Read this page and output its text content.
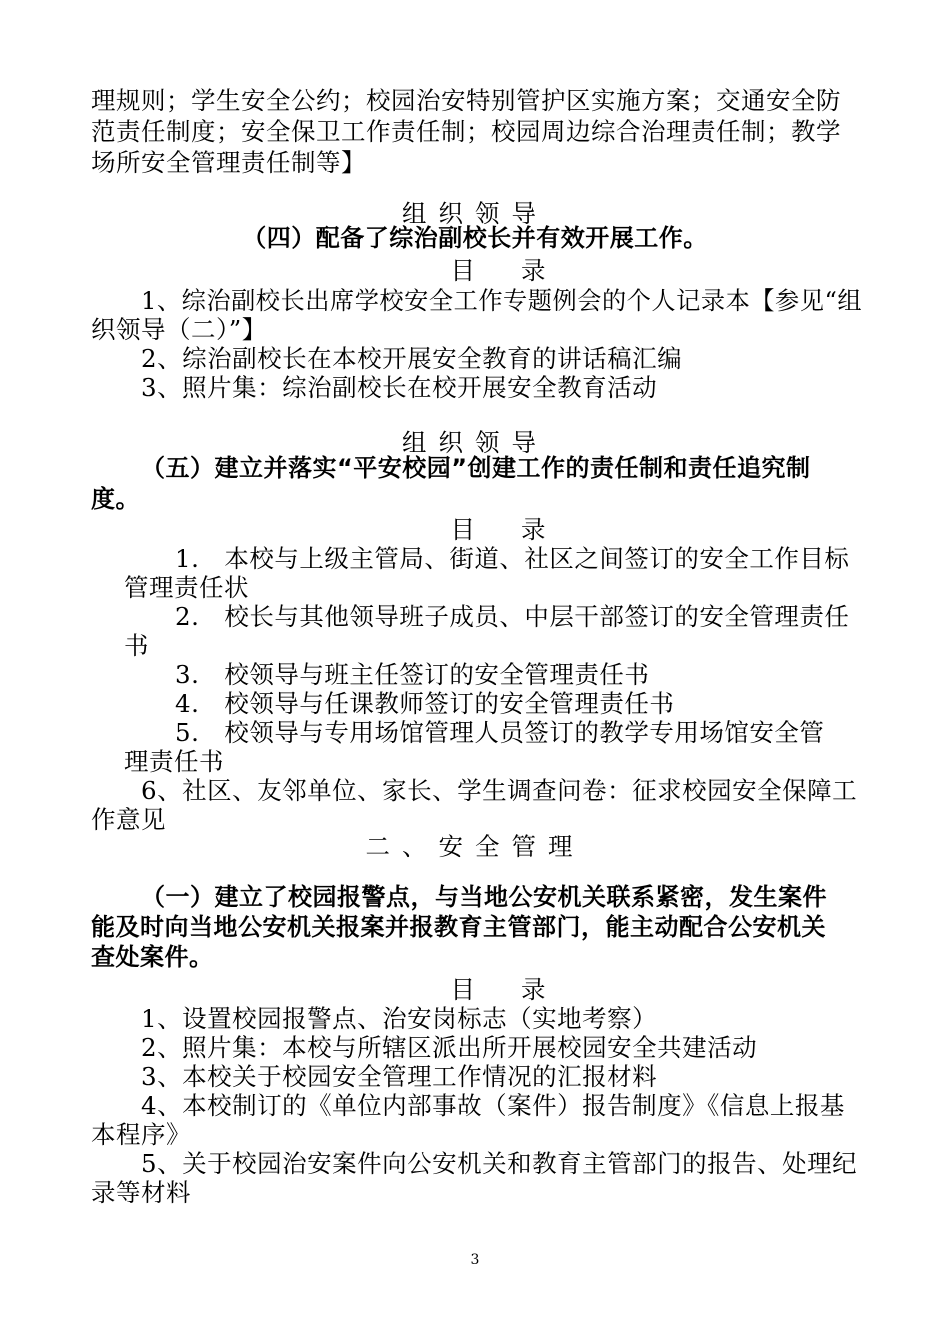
理规则；学生安全公约；校园治安特别管护区实施方案；交通安全防
范责任制度；安全保卫工作责任制；校园周边综合治理责任制；教学
场所安全管理责任制等】
组织领导
（四）配备了综治副校长并有效开展工作。
目录
1、综治副校长出席学校安全工作专题例会的个人记录本【参见“组
织领导（二）”】
2、综治副校长在本校开展安全教育的讲话稿汇编
3、照片集：综治副校长在校开展安全教育活动
组织领导
（五）建立并落实“平安校园”创建工作的责任制和责任追究制
度。
目录
1.　本校与上级主管局、街道、社区之间签订的安全工作目标
管理责任状
2.　校长与其他领导班子成员、中层干部签订的安全管理责任
书
3.　校领导与班主任签订的安全管理责任书
4.　校领导与任课教师签订的安全管理责任书
5.　校领导与专用场馆管理人员签订的教学专用场馆安全管
理责任书
6、社区、友邻单位、家长、学生调查问卷：征求校园安全保障工
作意见
二、安全管理
（一）建立了校园报警点，与当地公安机关联系紧密，发生案件
能及时向当地公安机关报案并报教育主管部门，能主动配合公安机关
查处案件。
目录
1、设置校园报警点、治安岗标志（实地考察）
2、照片集：本校与所辖区派出所开展校园安全共建活动
3、本校关于校园安全管理工作情况的汇报材料
4、本校制订的《单位内部事故（案件）报告制度》《信息上报基
本程序》
5、关于校园治安案件向公安机关和教育主管部门的报告、处理纪
录等材料
3
